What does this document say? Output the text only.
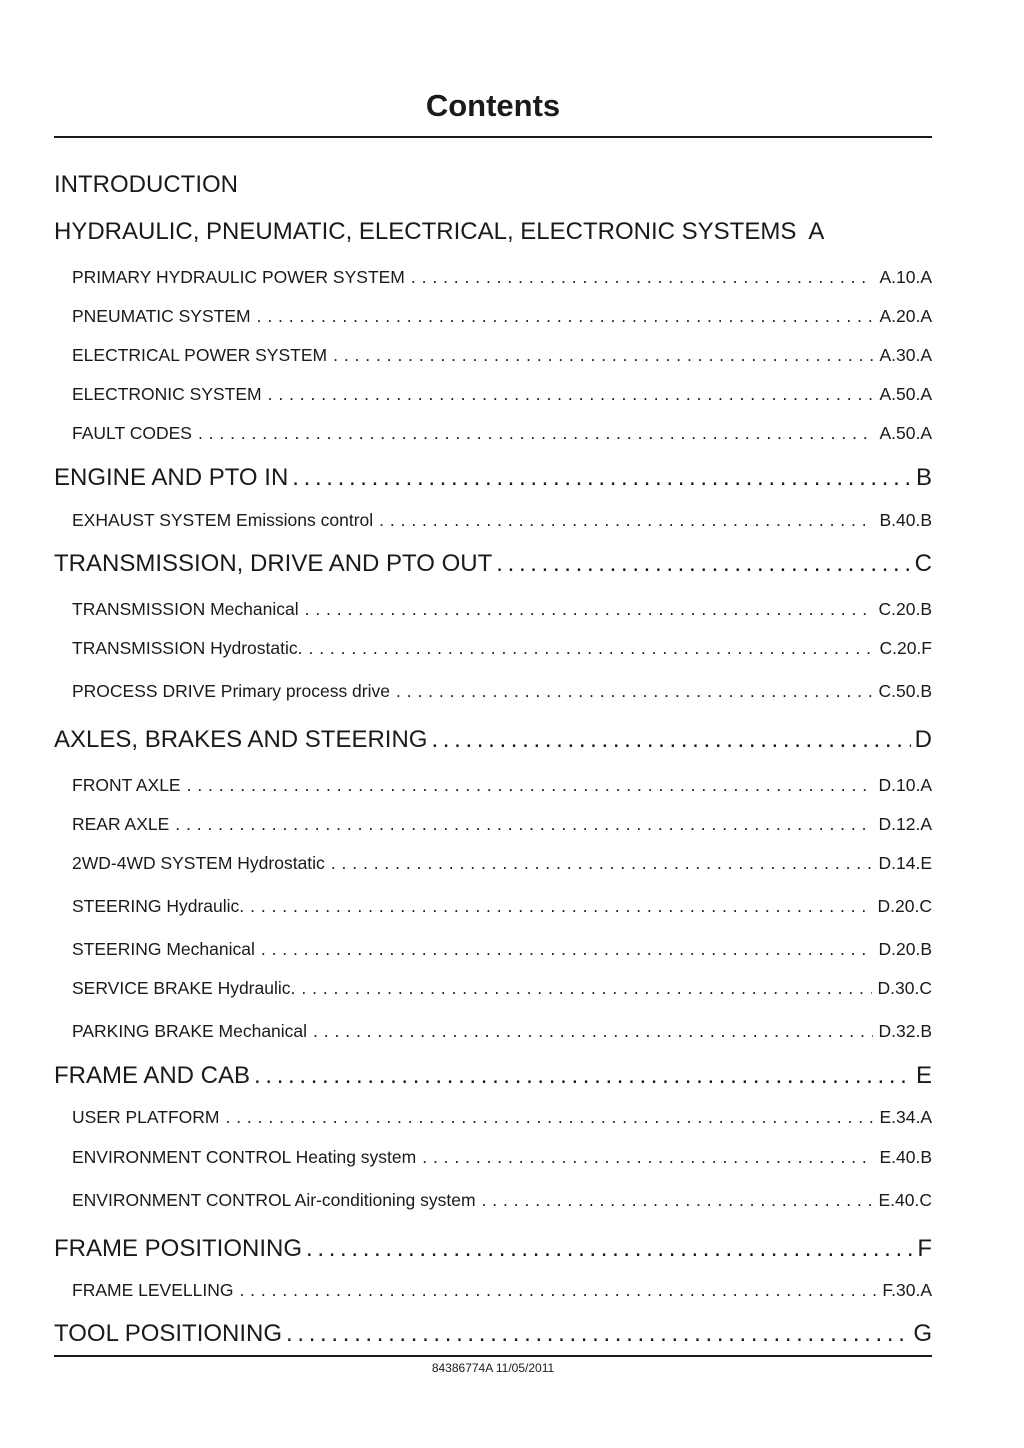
Contents
INTRODUCTION
HYDRAULIC, PNEUMATIC, ELECTRICAL, ELECTRONIC SYSTEMS A
PRIMARY HYDRAULIC POWER SYSTEM . . .	A.10.A
PNEUMATIC SYSTEM . . .	A.20.A
ELECTRICAL POWER SYSTEM . . .	A.30.A
ELECTRONIC SYSTEM . . .	A.50.A
FAULT CODES . . .	A.50.A
ENGINE AND PTO IN . . .	B
EXHAUST SYSTEM Emissions control . . .	B.40.B
TRANSMISSION, DRIVE AND PTO OUT . . .	C
TRANSMISSION Mechanical . . .	C.20.B
TRANSMISSION Hydrostatic. . . .	C.20.F
PROCESS DRIVE Primary process drive . . .	C.50.B
AXLES, BRAKES AND STEERING . . .	D
FRONT AXLE . . .	D.10.A
REAR AXLE . . .	D.12.A
2WD-4WD SYSTEM Hydrostatic . . .	D.14.E
STEERING Hydraulic. . . .	D.20.C
STEERING Mechanical . . .	D.20.B
SERVICE BRAKE Hydraulic. . . .	D.30.C
PARKING BRAKE Mechanical . . .	D.32.B
FRAME AND CAB . . .	E
USER PLATFORM . . .	E.34.A
ENVIRONMENT CONTROL Heating system . . .	E.40.B
ENVIRONMENT CONTROL Air-conditioning system . . .	E.40.C
FRAME POSITIONING . . .	F
FRAME LEVELLING . . .	F.30.A
TOOL POSITIONING . . .	G
84386774A 11/05/2011
